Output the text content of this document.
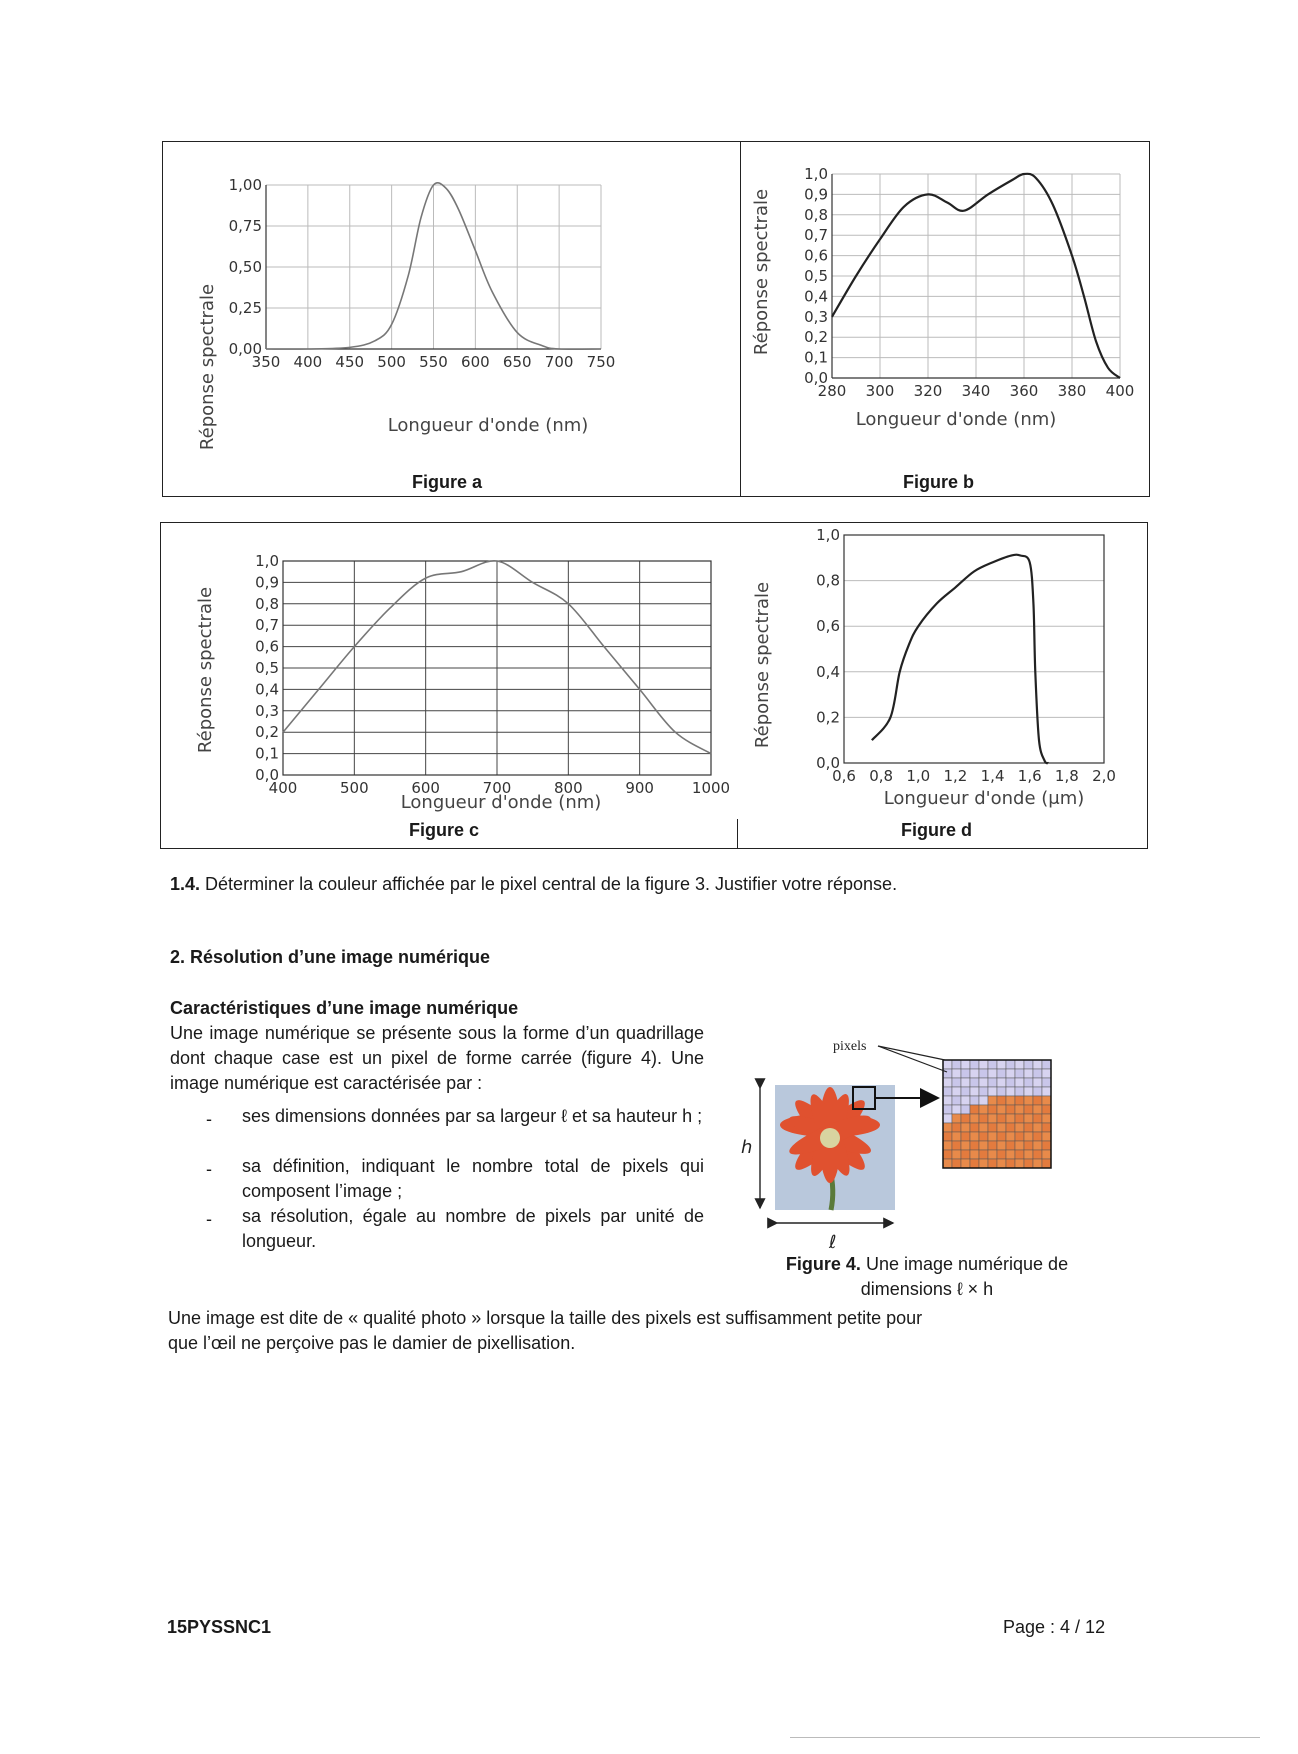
Réponse spectrale 0,00
0,25
0,50
0,75
1,00
350 400 450 500 550 600 650 700 750
Longueur d'onde (nm)
Figure a
Réponse spectrale
0,0
0,1
0,2
0,3
0,4
0,5
0,6
0,7
0,8
0,9
1,0
280 300 320 340 360 380 400
Longueur d'onde (nm)
Figure b
Réponse spectrale
0,0
0,1
0,2
0,3
0,4
0,5
0,6
0,7
0,8
0,9
1,0
400	500	600	700	800	900	1000
Longueur d'onde (nm)
Figure c
Réponse spectrale
0,0
0,2
0,4
0,6
0,8
1,0
0,6 0,8 1,0 1,2 1,4 1,6 1,8 2,0
Longueur d'onde (μm)
Figure d
1.4. Déterminer la couleur affichée par le pixel central de la figure 3. Justifier votre réponse.
2. Résolution d’une image numérique
Caractéristiques d’une image numérique
Une image numérique se présente sous la forme d’un quadrillage dont chaque case est un pixel de forme carrée (figure 4). Une image numérique est caractérisée par :
- ses dimensions données par sa largeur ℓ et sa hauteur h ;
- sa définition, indiquant le nombre total de pixels qui composent l’image ;
- sa résolution, égale au nombre de pixels par unité de longueur.
Une image est dite de « qualité photo » lorsque la taille des pixels est suffisamment petite pour que l’œil ne perçoive pas le damier de pixellisation.
pixels
h
ℓ
Figure 4. Une image numérique de
dimensions ℓ × h
15PYSSNC1	Page : 4 / 12
